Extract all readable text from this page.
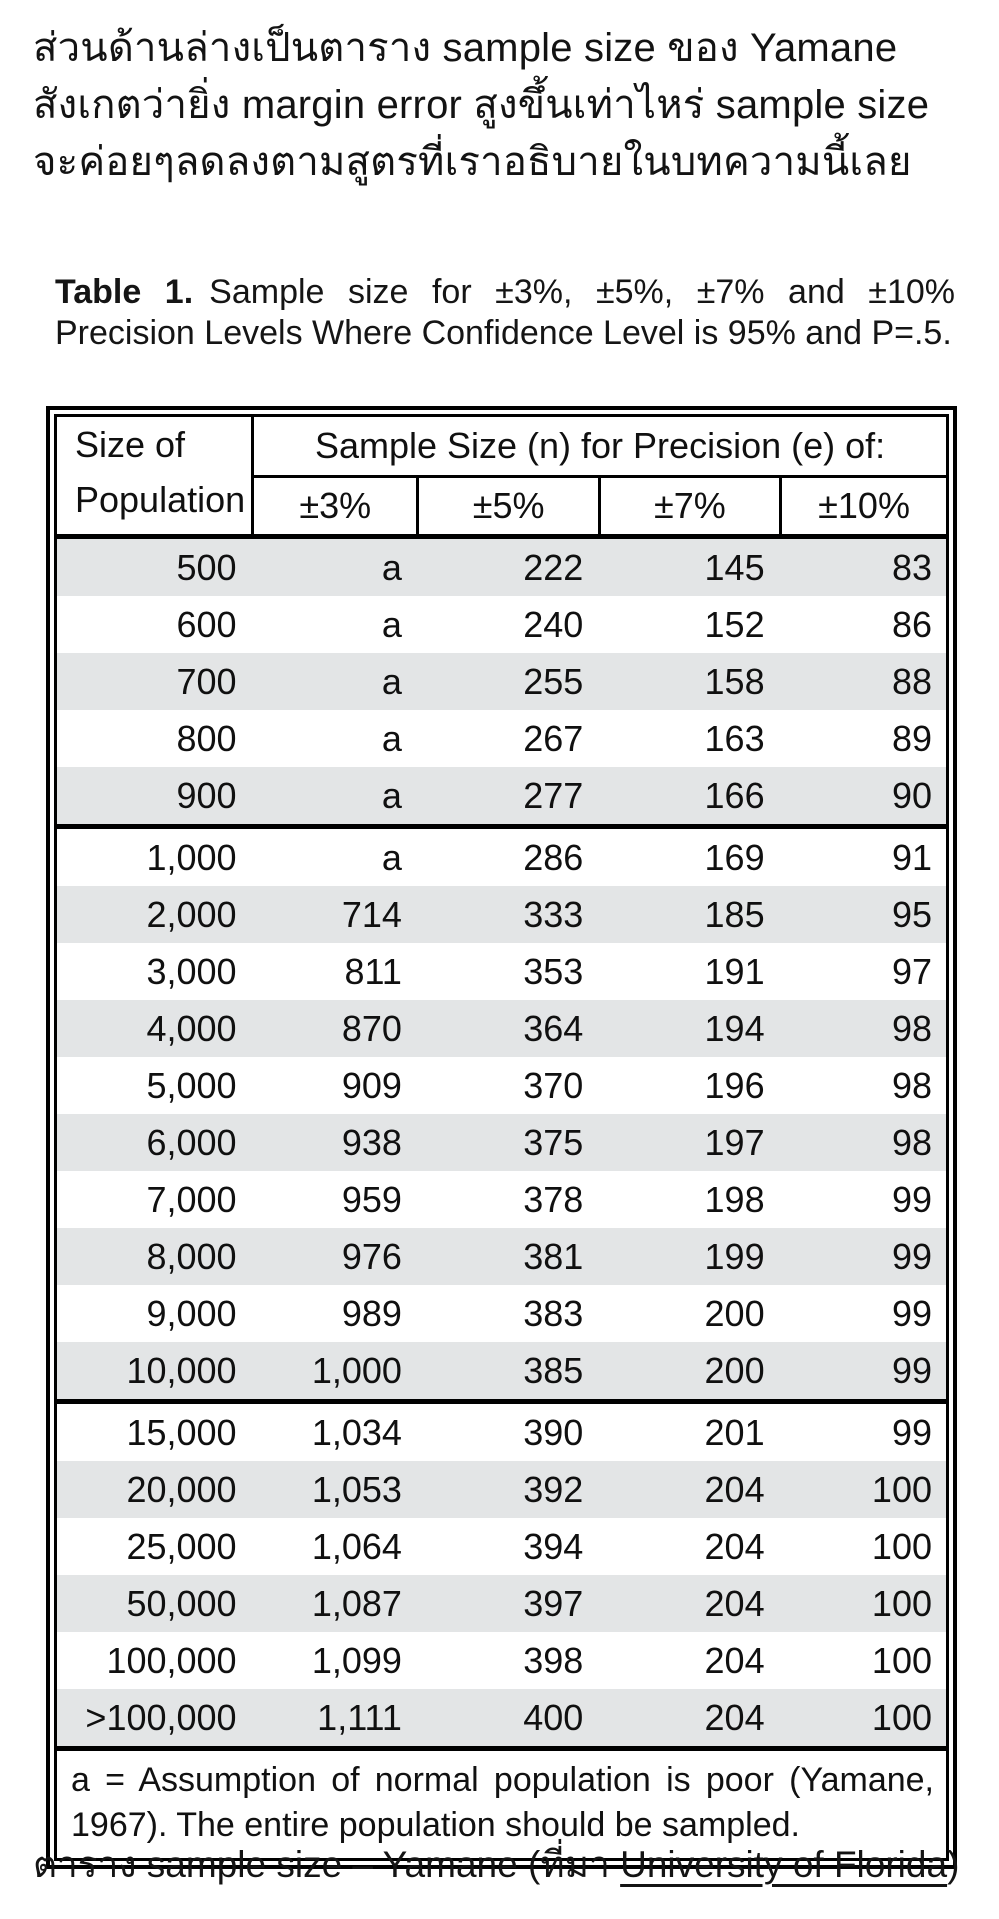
ส่วนด้านล่างเป็นตาราง sample size ของ Yamane
สังเกตว่ายิ่ง margin error สูงขึ้นเท่าไหร่ sample size
จะค่อยๆลดลงตามสูตรที่เราอธิบายในบทความนี้เลย
Table 1. Sample size for ±3%, ±5%, ±7% and ±10% Precision Levels Where Confidence Level is 95% and P=.5.
Size of
Population	Sample Size (n) for Precision (e) of:			
	±3%	±5%	±7%	±10%
500	a	222	145	83
600	a	240	152	86
700	a	255	158	88
800	a	267	163	89
900	a	277	166	90
1,000	a	286	169	91
2,000	714	333	185	95
3,000	811	353	191	97
4,000	870	364	194	98
5,000	909	370	196	98
6,000	938	375	197	98
7,000	959	378	198	99
8,000	976	381	199	99
9,000	989	383	200	99
10,000	1,000	385	200	99
15,000	1,034	390	201	99
20,000	1,053	392	204	100
25,000	1,064	394	204	100
50,000	1,087	397	204	100
100,000	1,099	398	204	100
>100,000	1,111	400	204	100
a = Assumption of normal population is poor (Yamane, 1967). The entire population should be sampled.				
ตาราง sample size – Yamane (ที่มา University of Florida)
